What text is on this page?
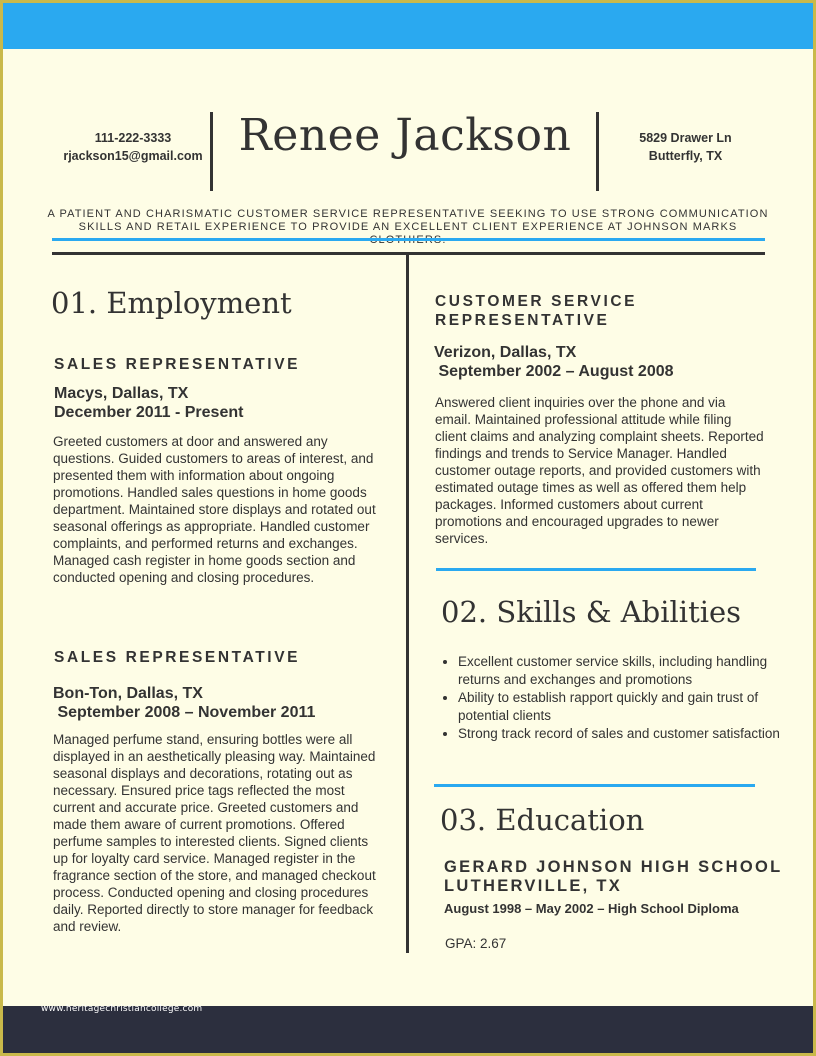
111-222-3333
rjackson15@gmail.com Renee Jackson	5829 Drawer Ln
Butterfly, TX
A PATIENT AND CHARISMATIC CUSTOMER SERVICE REPRESENTATIVE SEEKING TO USE STRONG COMMUNICATION SKILLS AND RETAIL EXPERIENCE TO PROVIDE AN EXCELLENT CLIENT EXPERIENCE AT JOHNSON MARKS
01. Employment
SALES REPRESENTATIVE
Macys, Dallas, TX
December 2011 - Present
Greeted customers at door and answered any questions. Guided customers to areas of interest, and presented them with information about ongoing promotions. Handled sales questions in home goods department. Maintained store displays and rotated out seasonal offerings as appropriate. Handled customer complaints, and performed returns and exchanges. Managed cash register in home goods section and conducted opening and closing procedures.
SALES REPRESENTATIVE
Bon-Ton, Dallas, TX
September 2008 – November 2011
Managed perfume stand, ensuring bottles were all displayed in an aesthetically pleasing way. Maintained seasonal displays and decorations, rotating out as necessary. Ensured price tags reflected the most current and accurate price. Greeted customers and made them aware of current promotions. Offered perfume samples to interested clients. Signed clients up for loyalty card service. Managed register in the fragrance section of the store, and managed checkout process. Conducted opening and closing procedures daily. Reported directly to store manager for feedback and review.
CUSTOMER SERVICE REPRESENTATIVE
Verizon, Dallas, TX
September 2002 – August 2008
Answered client inquiries over the phone and via email. Maintained professional attitude while filing client claims and analyzing complaint sheets. Reported findings and trends to Service Manager. Handled customer outage reports, and provided customers with estimated outage times as well as offered them help packages. Informed customers about current promotions and encouraged upgrades to newer services.
02. Skills & Abilities
• Excellent customer service skills, including handling returns and exchanges and promotions
• Ability to establish rapport quickly and gain trust of potential clients
• Strong track record of sales and customer satisfaction
03. Education
GERARD JOHNSON HIGH SCHOOL LUTHERVILLE, TX
August 1998 – May 2002 – High School Diploma
GPA: 2.67
www.heritagechristiancollege.com
